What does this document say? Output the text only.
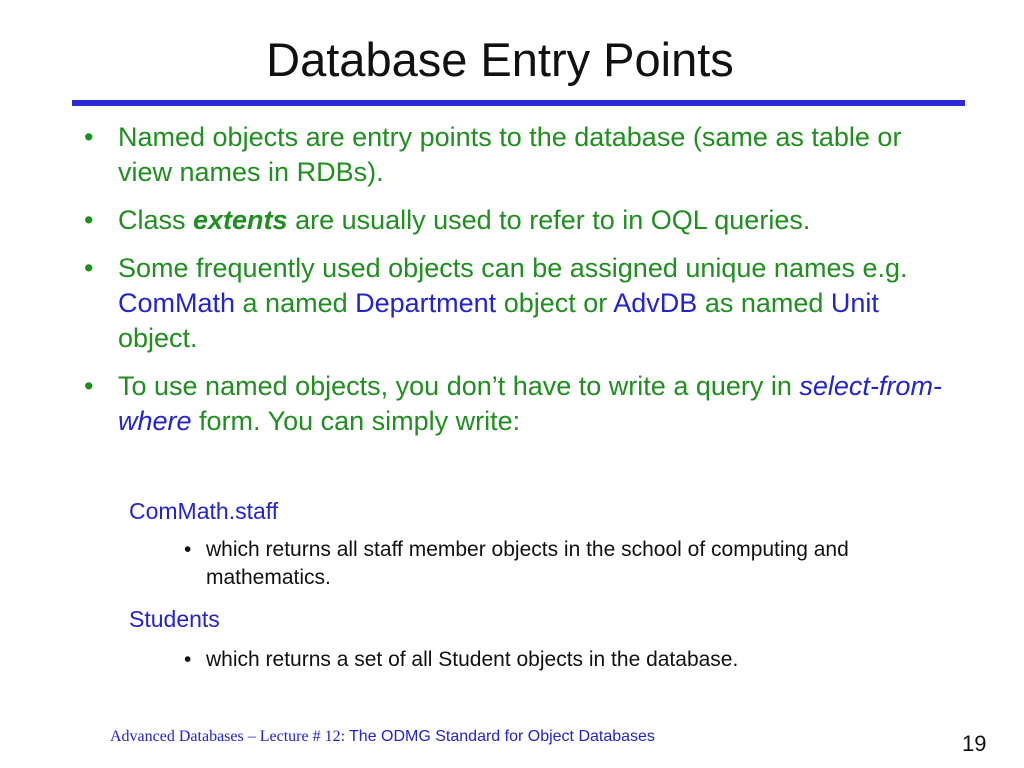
Database Entry Points
• Named objects are entry points to the database (same as table or view names in RDBs).
• Class extents are usually used to refer to in OQL queries.
• Some frequently used objects can be assigned unique names e.g. ComMath a named Department object or AdvDB as named Unit object.
• To use named objects, you don’t have to write a query in select-from-where form. You can simply write:
ComMath.staff
• which returns all staff member objects in the school of computing and mathematics.
Students
• which returns a set of all Student objects in the database.
Advanced Databases – Lecture # 12: The ODMG Standard for Object Databases	19
